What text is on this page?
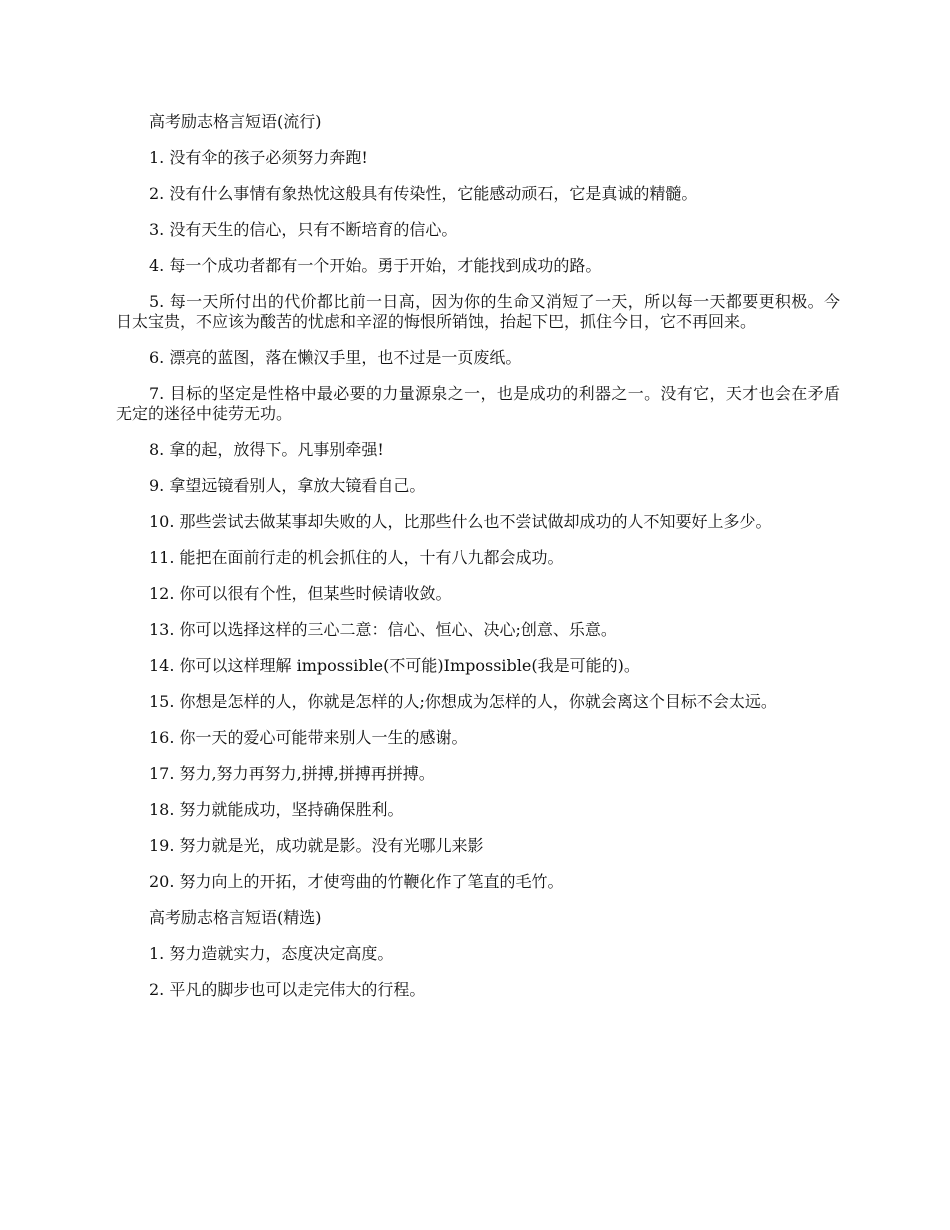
高考励志格言短语(流行)

1. 没有伞的孩子必须努力奔跑!

2. 没有什么事情有象热忱这般具有传染性，它能感动顽石，它是真诚的精髓。

3. 没有天生的信心，只有不断培育的信心。

4. 每一个成功者都有一个开始。勇于开始，才能找到成功的路。

5. 每一天所付出的代价都比前一日高，因为你的生命又消短了一天，所以每一天都要更积极。今日太宝贵，不应该为酸苦的忧虑和辛涩的悔恨所销蚀，抬起下巴，抓住今日，它不再回来。

6. 漂亮的蓝图，落在懒汉手里，也不过是一页废纸。

7. 目标的坚定是性格中最必要的力量源泉之一，也是成功的利器之一。没有它，天才也会在矛盾无定的迷径中徒劳无功。

8. 拿的起，放得下。凡事别牵强!

9. 拿望远镜看别人，拿放大镜看自己。

10. 那些尝试去做某事却失败的人，比那些什么也不尝试做却成功的人不知要好上多少。

11. 能把在面前行走的机会抓住的人，十有八九都会成功。

12. 你可以很有个性，但某些时候请收敛。

13. 你可以选择这样的三心二意：信心、恒心、决心;创意、乐意。

14. 你可以这样理解 impossible(不可能)Impossible(我是可能的)。

15. 你想是怎样的人，你就是怎样的人;你想成为怎样的人，你就会离这个目标不会太远。

16. 你一天的爱心可能带来别人一生的感谢。

17. 努力,努力再努力,拼搏,拼搏再拼搏。

18. 努力就能成功，坚持确保胜利。

19. 努力就是光，成功就是影。没有光哪儿来影

20. 努力向上的开拓，才使弯曲的竹鞭化作了笔直的毛竹。

高考励志格言短语(精选)

1. 努力造就实力，态度决定高度。

2. 平凡的脚步也可以走完伟大的行程。
